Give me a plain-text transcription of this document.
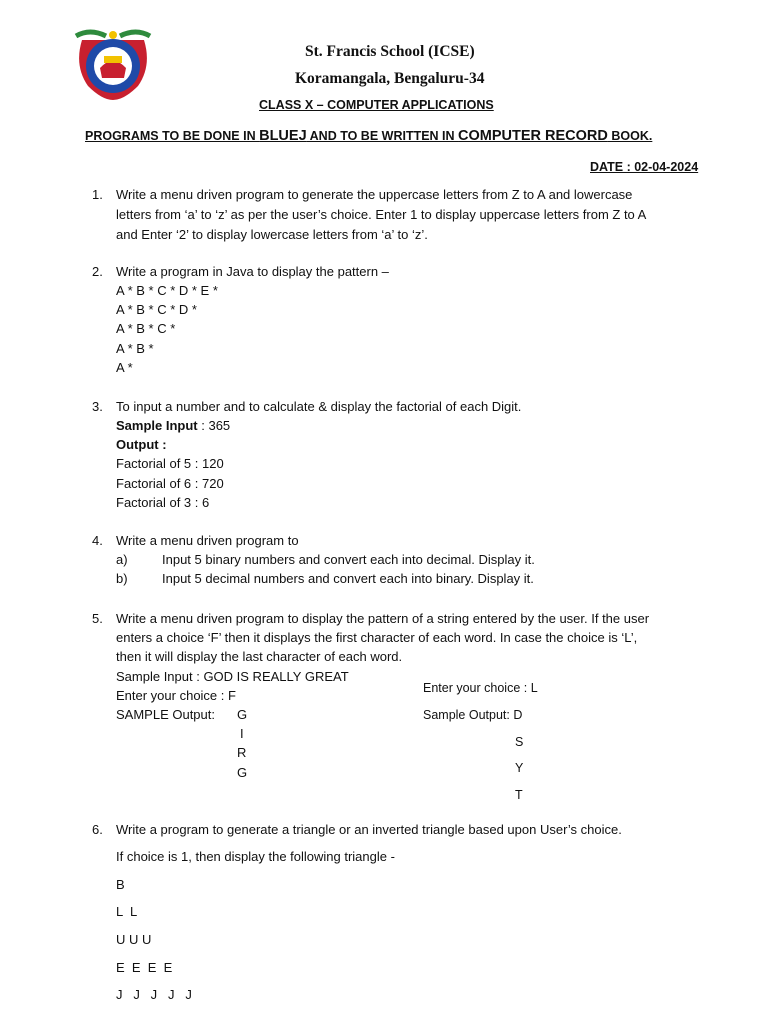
St. Francis School (ICSE)
Koramangala, Bengaluru-34
CLASS X – COMPUTER APPLICATIONS
PROGRAMS TO BE DONE IN BLUEJ AND TO BE WRITTEN IN COMPUTER RECORD BOOK.
DATE : 02-04-2024
1. Write a menu driven program to generate the uppercase letters from Z to A and lowercase
letters from ‘a’ to ‘z’ as per the user’s choice. Enter 1 to display uppercase letters from Z to A
and Enter ‘2’ to display lowercase letters from ‘a’ to ‘z’.
2. Write a program in Java to display the pattern –
A * B * C * D * E *
A * B * C * D *
A * B * C *
A * B *
A *
3. To input a number and to calculate & display the factorial of each Digit.
Sample Input : 365
Output :
Factorial of 5 : 120
Factorial of 6 : 720
Factorial of 3 : 6
4. Write a menu driven program to
a)	Input 5 binary numbers and convert each into decimal. Display it.
b)	Input 5 decimal numbers and convert each into binary. Display it.
5. Write a menu driven program to display the pattern of a string entered by the user. If the user
enters a choice ‘F’ then it displays the first character of each word. In case the choice is ‘L’,
then it will display the last character of each word.
Sample Input : GOD IS REALLY GREAT
Enter your choice : F
SAMPLE Output: G
I
R
G
Enter your choice : L
Sample Output: D
S
Y
T
6. Write a program to generate a triangle or an inverted triangle based upon User’s choice.
If choice is 1, then display the following triangle -
B
L  L
U U U
E  E  E  E
J   J   J   J   J
